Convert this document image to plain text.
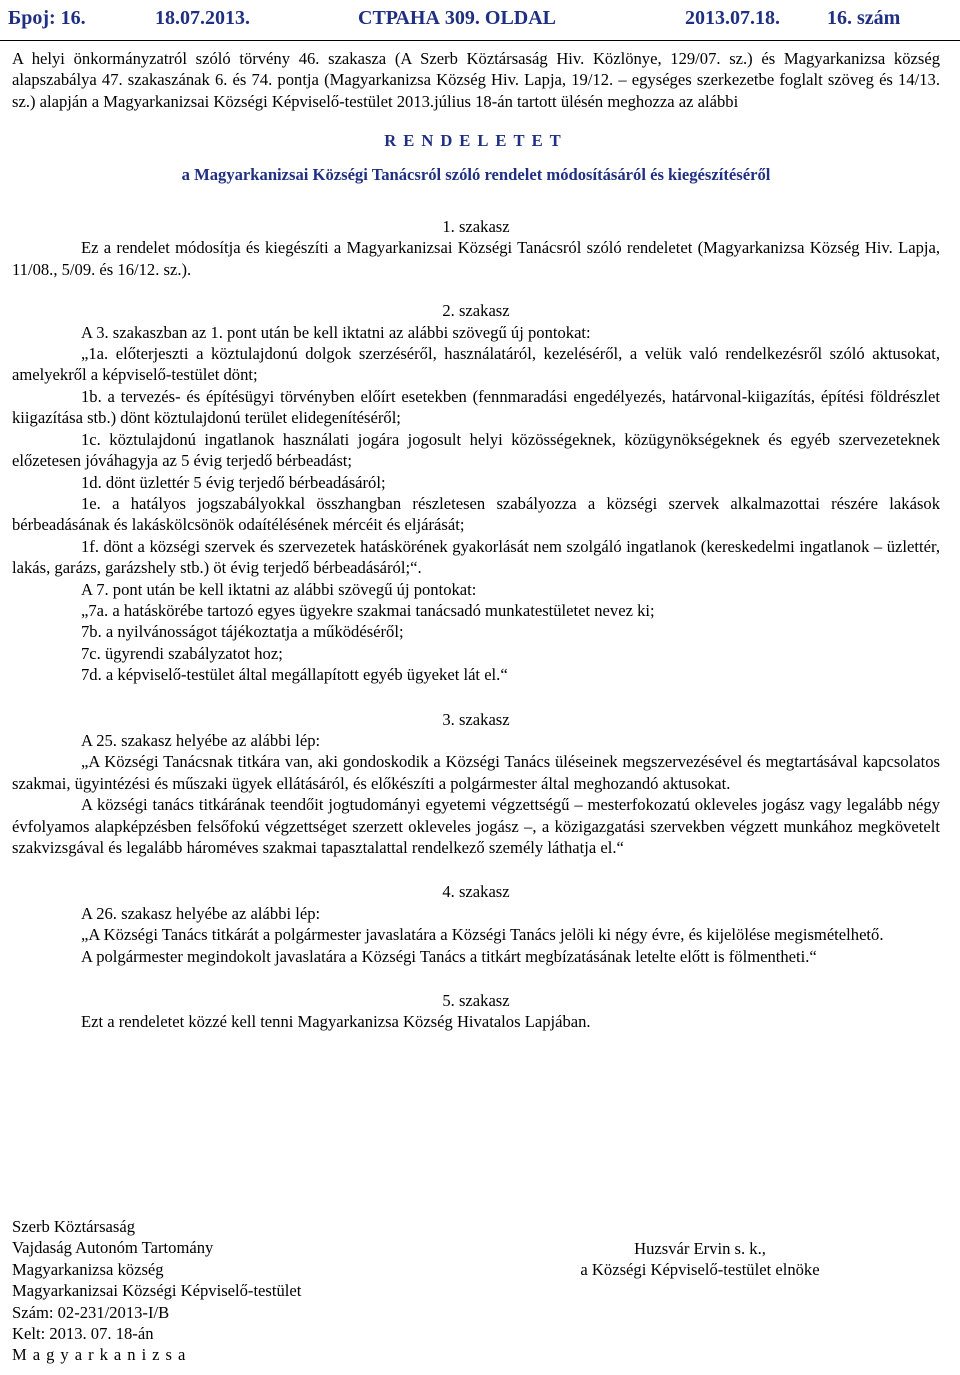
Број: 16.	18.07.2013.	СТРАНА 309. OLDAL	2013.07.18. 16. szám

A helyi önkormányzatról szóló törvény 46. szakasza (A Szerb Köztársaság Hiv. Közlönye, 129/07. sz.) és Magyarkanizsa község alapszabálya 47. szakaszának 6. és 74. pontja (Magyarkanizsa Község Hiv. Lapja, 19/12. – egységes szerkezetbe foglalt szöveg és 14/13. sz.) alapján a Magyarkanizsai Községi Képviselő-testület 2013.július 18-án tartott ülésén meghozza az alábbi

RENDELETET

a Magyarkanizsai Községi Tanácsról szóló rendelet módosításáról és kiegészítéséről

1. szakasz

Ez a rendelet módosítja és kiegészíti a Magyarkanizsai Községi Tanácsról szóló rendeletet (Magyarkanizsa Község Hiv. Lapja, 11/08., 5/09. és 16/12. sz.).

2. szakasz

A 3. szakaszban az 1. pont után be kell iktatni az alábbi szövegű új pontokat:

„1a. előterjeszti a köztulajdonú dolgok szerzéséről, használatáról, kezeléséről, a velük való rendelkezésről szóló aktusokat, amelyekről a képviselő-testület dönt;

1b. a tervezés- és építésügyi törvényben előírt esetekben (fennmaradási engedélyezés, határvonal-kiigazítás, építési földrészlet kiigazítása stb.) dönt köztulajdonú terület elidegenítéséről;

1c. köztulajdonú ingatlanok használati jogára jogosult helyi közösségeknek, közügynökségeknek és egyéb szervezeteknek előzetesen jóváhagyja az 5 évig terjedő bérbeadást;

1d. dönt üzlettér 5 évig terjedő bérbeadásáról;

1e. a hatályos jogszabályokkal összhangban részletesen szabályozza a községi szervek alkalmazottai részére lakások bérbeadásának és lakáskölcsönök odaítélésének mércéit és eljárását;

1f. dönt a községi szervek és szervezetek hatáskörének gyakorlását nem szolgáló ingatlanok (kereskedelmi ingatlanok – üzlettér, lakás, garázs, garázshely stb.) öt évig terjedő bérbeadásáról;“.

A 7. pont után be kell iktatni az alábbi szövegű új pontokat:

„7a. a hatáskörébe tartozó egyes ügyekre szakmai tanácsadó munkatestületet nevez ki;

7b. a nyilvánosságot tájékoztatja a működéséről;

7c. ügyrendi szabályzatot hoz;

7d. a képviselő-testület által megállapított egyéb ügyeket lát el.“

3. szakasz

A 25. szakasz helyébe az alábbi lép:

„A Községi Tanácsnak titkára van, aki gondoskodik a Községi Tanács üléseinek megszervezésével és megtartásával kapcsolatos szakmai, ügyintézési és műszaki ügyek ellátásáról, és előkészíti a polgármester által meghozandó aktusokat.

A községi tanács titkárának teendőit jogtudományi egyetemi végzettségű – mesterfokozatú okleveles jogász vagy legalább négy évfolyamos alapképzésben felsőfokú végzettséget szerzett okleveles jogász –, a közigazgatási szervekben végzett munkához megkövetelt szakvizsgával és legalább hároméves szakmai tapasztalattal rendelkező személy láthatja el.“

4. szakasz

A 26. szakasz helyébe az alábbi lép:

„A Községi Tanács titkárát a polgármester javaslatára a Községi Tanács jelöli ki négy évre, és kijelölése megismételhető.

A polgármester megindokolt javaslatára a Községi Tanács a titkárt megbízatásának letelte előtt is fölmentheti.“

5. szakasz

Ezt a rendeletet közzé kell tenni Magyarkanizsa Község Hivatalos Lapjában.

Szerb Köztársaság

Vajdaság Autonóm Tartomány

Magyarkanizsa község

Magyarkanizsai Községi Képviselő-testület

Szám: 02-231/2013-I/B

Kelt: 2013. 07. 18-án

Magyarkanizsa

Huzsvár Ervin s. k.,

a Községi Képviselő-testület elnöke
